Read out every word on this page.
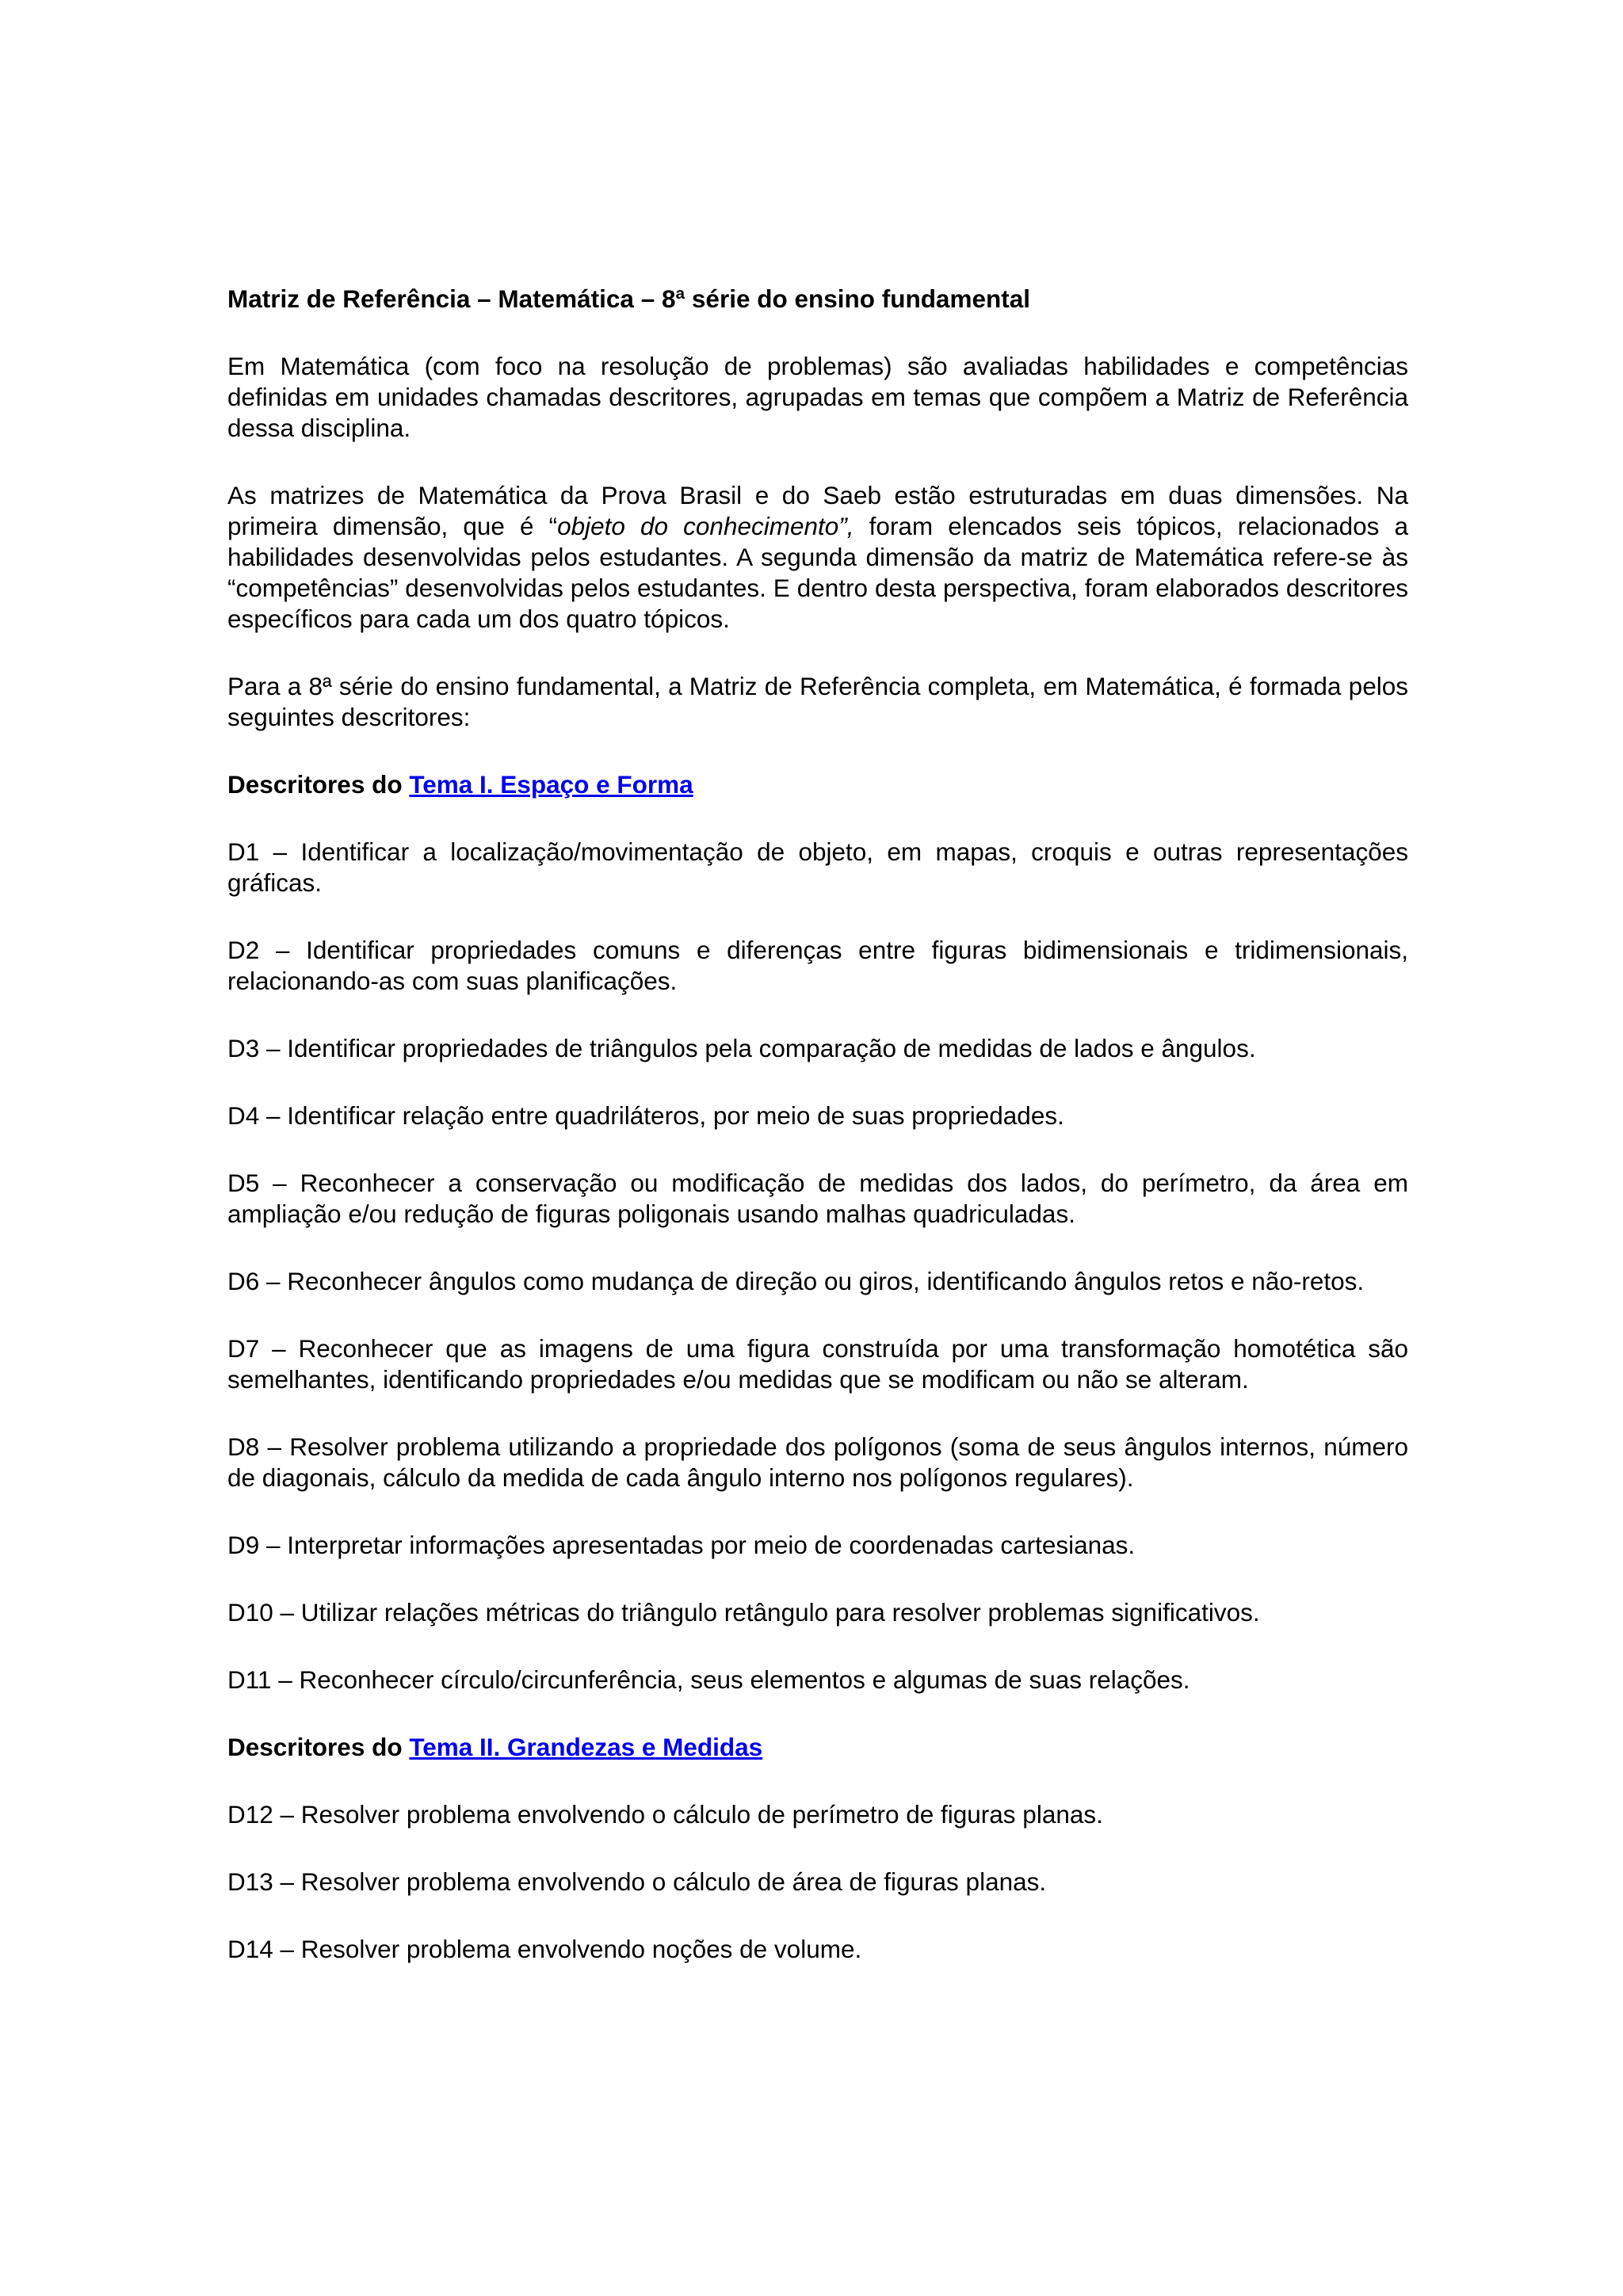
Matriz de Referência – Matemática – 8ª série do ensino fundamental

Em Matemática (com foco na resolução de problemas) são avaliadas habilidades e competências definidas em unidades chamadas descritores, agrupadas em temas que compõem a Matriz de Referência dessa disciplina.

As matrizes de Matemática da Prova Brasil e do Saeb estão estruturadas em duas dimensões. Na primeira dimensão, que é “objeto do conhecimento”, foram elencados seis tópicos, relacionados a habilidades desenvolvidas pelos estudantes. A segunda dimensão da matriz de Matemática refere-se às “competências” desenvolvidas pelos estudantes. E dentro desta perspectiva, foram elaborados descritores específicos para cada um dos quatro tópicos.

Para a 8ª série do ensino fundamental, a Matriz de Referência completa, em Matemática, é formada pelos seguintes descritores:

Descritores do Tema I. Espaço e Forma

D1 – Identificar a localização/movimentação de objeto, em mapas, croquis e outras representações gráficas.

D2 – Identificar propriedades comuns e diferenças entre figuras bidimensionais e tridimensionais, relacionando-as com suas planificações.

D3 – Identificar propriedades de triângulos pela comparação de medidas de lados e ângulos.

D4 – Identificar relação entre quadriláteros, por meio de suas propriedades.

D5 – Reconhecer a conservação ou modificação de medidas dos lados, do perímetro, da área em ampliação e/ou redução de figuras poligonais usando malhas quadriculadas.

D6 – Reconhecer ângulos como mudança de direção ou giros, identificando ângulos retos e não-retos.

D7 – Reconhecer que as imagens de uma figura construída por uma transformação homotética são semelhantes, identificando propriedades e/ou medidas que se modificam ou não se alteram.

D8 – Resolver problema utilizando a propriedade dos polígonos (soma de seus ângulos internos, número de diagonais, cálculo da medida de cada ângulo interno nos polígonos regulares).

D9 – Interpretar informações apresentadas por meio de coordenadas cartesianas.

D10 – Utilizar relações métricas do triângulo retângulo para resolver problemas significativos.

D11 – Reconhecer círculo/circunferência, seus elementos e algumas de suas relações.

Descritores do Tema II. Grandezas e Medidas

D12 – Resolver problema envolvendo o cálculo de perímetro de figuras planas.

D13 – Resolver problema envolvendo o cálculo de área de figuras planas.

D14 – Resolver problema envolvendo noções de volume.
